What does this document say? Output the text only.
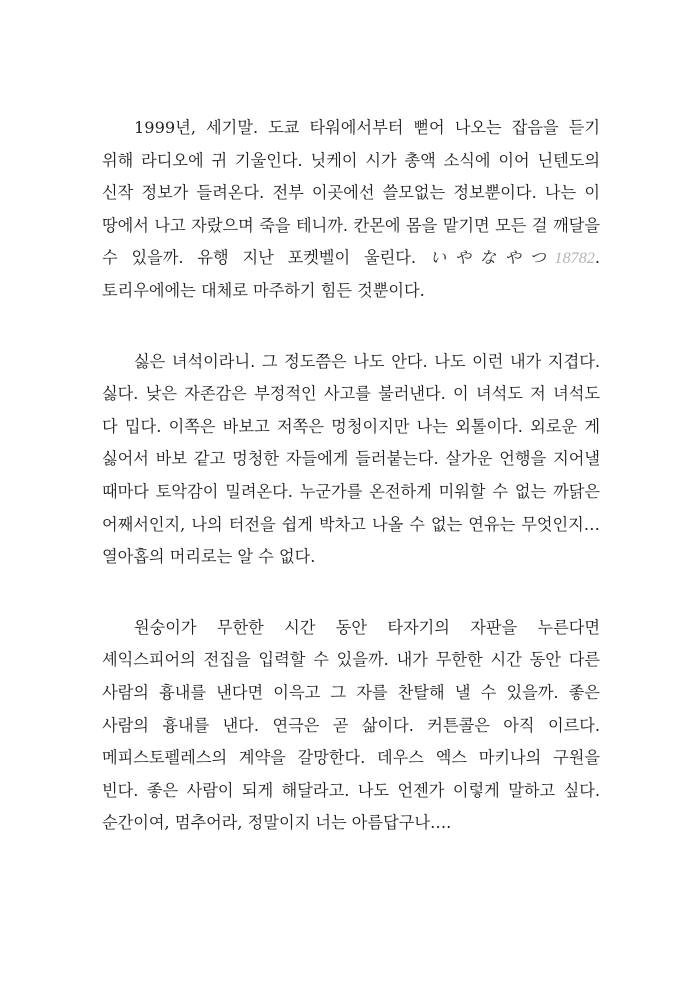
1999년, 세기말. 도쿄 타워에서부터 뻗어 나오는 잡음을 듣기 위해 라디오에 귀 기울인다. 닛케이 시가 총액 소식에 이어 닌텐도의 신작 정보가 들려온다. 전부 이곳에선 쓸모없는 정보뿐이다. 나는 이 땅에서 나고 자랐으며 죽을 테니까. 칸몬에 몸을 맡기면 모든 걸 깨달을 수 있을까. 유행 지난 포켓벨이 울린다. いやなやつ18782. 토리우에에는 대체로 마주하기 힘든 것뿐이다.

싫은 녀석이라니. 그 정도쯤은 나도 안다. 나도 이런 내가 지겹다. 싫다. 낮은 자존감은 부정적인 사고를 불러낸다. 이 녀석도 저 녀석도 다 밉다. 이쪽은 바보고 저쪽은 멍청이지만 나는 외톨이다. 외로운 게 싫어서 바보 같고 멍청한 자들에게 들러붙는다. 살가운 언행을 지어낼 때마다 토악감이 밀려온다. 누군가를 온전하게 미워할 수 없는 까닭은 어째서인지, 나의 터전을 쉽게 박차고 나올 수 없는 연유는 무엇인지… 열아홉의 머리로는 알 수 없다.

원숭이가 무한한 시간 동안 타자기의 자판을 누른다면 셰익스피어의 전집을 입력할 수 있을까. 내가 무한한 시간 동안 다른 사람의 흉내를 낸다면 이윽고 그 자를 찬탈해 낼 수 있을까. 좋은 사람의 흉내를 낸다. 연극은 곧 삶이다. 커튼콜은 아직 이르다. 메피스토펠레스의 계약을 갈망한다. 데우스 엑스 마키나의 구원을 빈다. 좋은 사람이 되게 해달라고. 나도 언젠가 이렇게 말하고 싶다. 순간이여, 멈추어라, 정말이지 너는 아름답구나….
